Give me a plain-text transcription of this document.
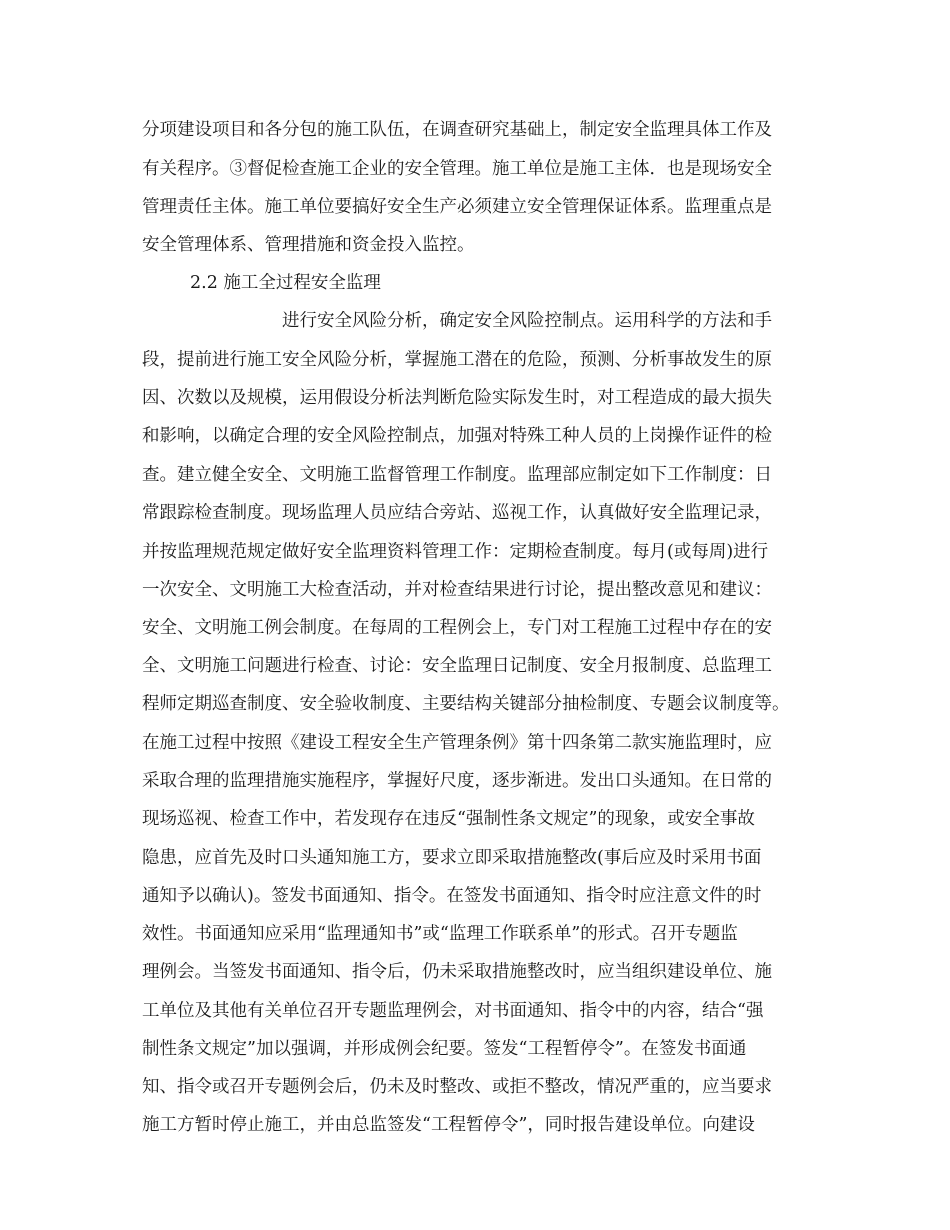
分项建设项目和各分包的施工队伍，在调查研究基础上，制定安全监理具体工作及
有关程序。③督促检查施工企业的安全管理。施工单位是施工主体．也是现场安全
管理责任主体。施工单位要搞好安全生产必须建立安全管理保证体系。监理重点是
安全管理体系、管理措施和资金投入监控。
2.2 施工全过程安全监理
进行安全风险分析，确定安全风险控制点。运用科学的方法和手
段，提前进行施工安全风险分析，掌握施工潜在的危险，预测、分析事故发生的原
因、次数以及规模，运用假设分析法判断危险实际发生时，对工程造成的最大损失
和影响，以确定合理的安全风险控制点，加强对特殊工种人员的上岗操作证件的检
查。建立健全安全、文明施工监督管理工作制度。监理部应制定如下工作制度：日
常跟踪检查制度。现场监理人员应结合旁站、巡视工作，认真做好安全监理记录，
并按监理规范规定做好安全监理资料管理工作：定期检查制度。每月(或每周)进行
一次安全、文明施工大检查活动，并对检查结果进行讨论，提出整改意见和建议：
安全、文明施工例会制度。在每周的工程例会上，专门对工程施工过程中存在的安
全、文明施工问题进行检查、讨论：安全监理日记制度、安全月报制度、总监理工
程师定期巡查制度、安全验收制度、主要结构关键部分抽检制度、专题会议制度等。
在施工过程中按照《建设工程安全生产管理条例》第十四条第二款实施监理时，应
采取合理的监理措施实施程序，掌握好尺度，逐步渐进。发出口头通知。在日常的
现场巡视、检查工作中，若发现存在违反“强制性条文规定”的现象，或安全事故
隐患，应首先及时口头通知施工方，要求立即采取措施整改(事后应及时采用书面
通知予以确认)。签发书面通知、指令。在签发书面通知、指令时应注意文件的时
效性。书面通知应采用“监理通知书”或“监理工作联系单”的形式。召开专题监
理例会。当签发书面通知、指令后，仍未采取措施整改时，应当组织建设单位、施
工单位及其他有关单位召开专题监理例会，对书面通知、指令中的内容，结合“强
制性条文规定”加以强调，并形成例会纪要。签发“工程暂停令”。在签发书面通
知、指令或召开专题例会后，仍未及时整改、或拒不整改，情况严重的，应当要求
施工方暂时停止施工，并由总监签发“工程暂停令”，同时报告建设单位。向建设
